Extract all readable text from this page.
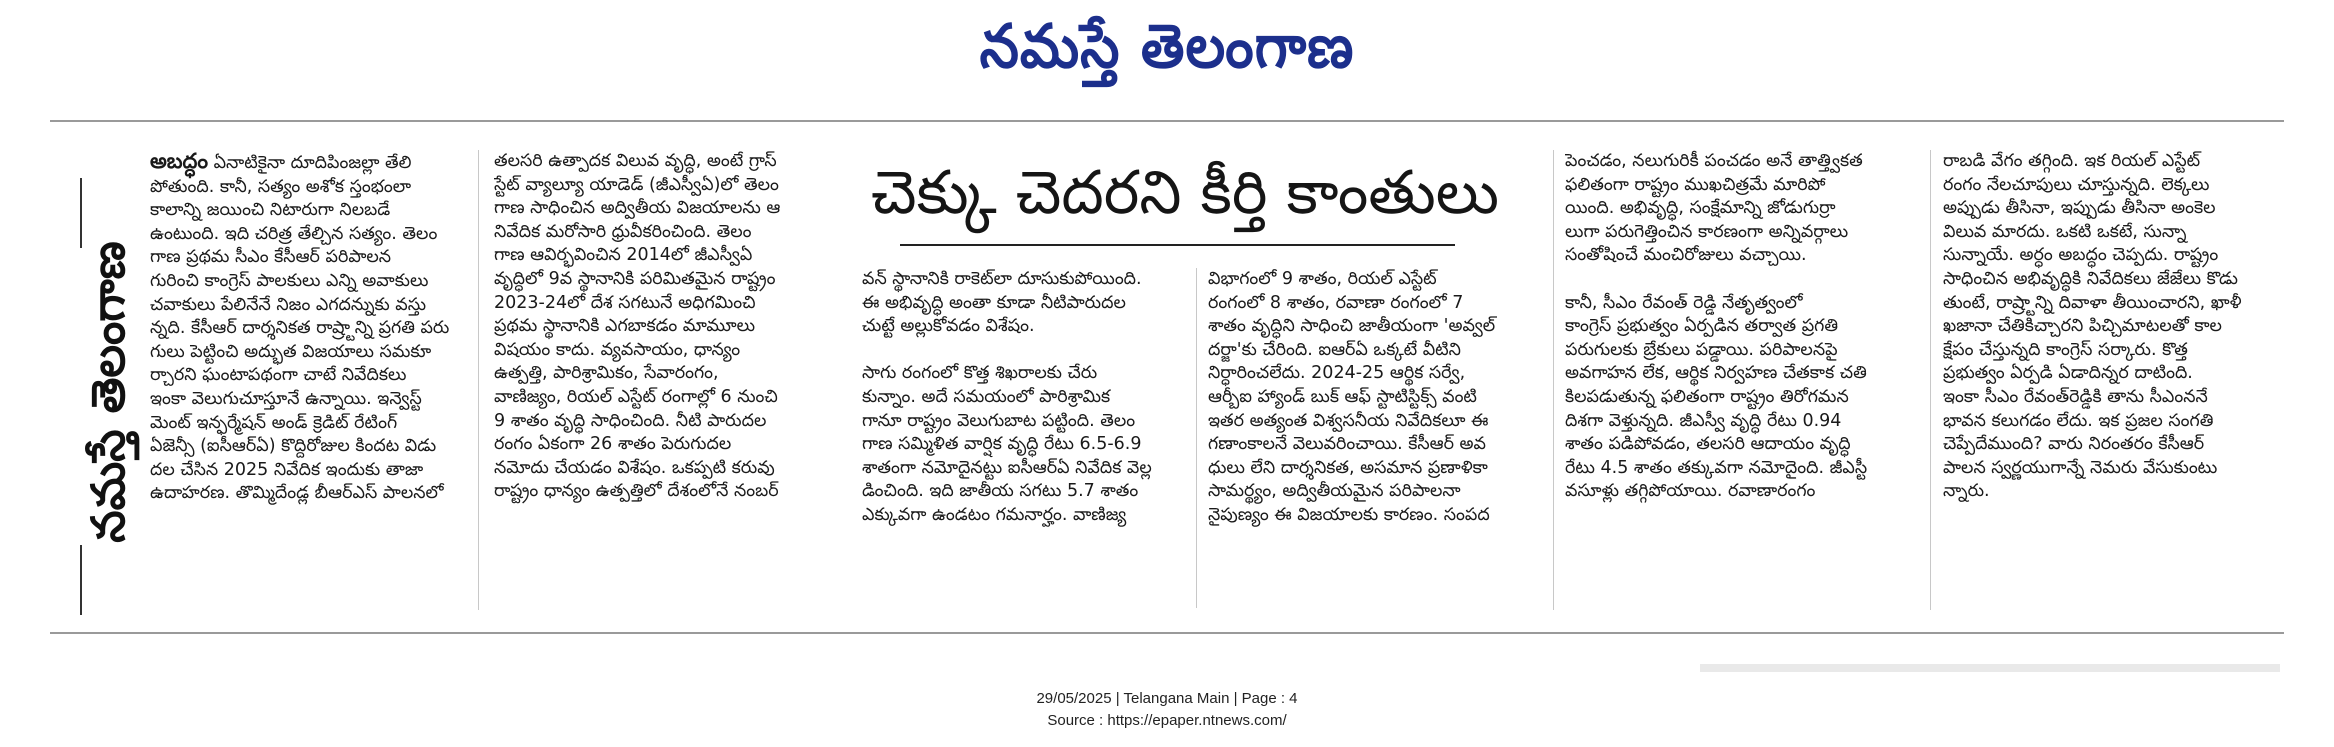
నమస్తే తెలంగాణ
నమస్తే తెలంగాణ
అబద్ధం ఏనాటికైనా దూదిపింజల్లా తేలి
పోతుంది. కానీ, సత్యం అశోక స్తంభంలా
కాలాన్ని జయించి నిటారుగా నిలబడే
ఉంటుంది. ఇది చరిత్ర తేల్చిన సత్యం. తెలం
గాణ ప్రథమ సీఎం కేసీఆర్ పరిపాలన
గురించి కాంగ్రెస్ పాలకులు ఎన్ని అవాకులు
చవాకులు పేలినేనే నిజం ఎగదన్నుకు వస్తు
న్నది. కేసీఆర్ దార్శనికత రాష్ర్టాన్ని ప్రగతి పరు
గులు పెట్టించి అద్భుత విజయాలు సమకూ
ర్చారని ఘంటాపథంగా చాటే నివేదికలు
ఇంకా వెలుగుచూస్తూనే ఉన్నాయి. ఇన్వెస్ట్
మెంట్ ఇన్ఫర్మేషన్ అండ్ క్రెడిట్ రేటింగ్
ఏజెన్సీ (ఐసీఆర్ఏ) కొద్దిరోజుల కిందట విడు
దల చేసిన 2025 నివేదిక ఇందుకు తాజా
ఉదాహరణ. తొమ్మిదేండ్ల బీఆర్ఎస్ పాలనలో
తలసరి ఉత్పాదక విలువ వృద్ధి, అంటే గ్రాస్
స్టేట్ వ్యాల్యూ యాడెడ్ (జీఎస్వీఏ)లో తెలం
గాణ సాధించిన అద్వితీయ విజయాలను ఆ
నివేదిక మరోసారి ధ్రువీకరించింది. తెలం
గాణ ఆవిర్భవించిన 2014లో జీఎస్వీఏ
వృద్ధిలో 9వ స్థానానికి పరిమితమైన రాష్ట్రం
2023-24లో దేశ సగటునే అధిగమించి
ప్రథమ స్థానానికి ఎగబాకడం మామూలు
విషయం కాదు. వ్యవసాయం, ధాన్యం
ఉత్పత్తి, పారిశ్రామికం, సేవారంగం,
వాణిజ్యం, రియల్ ఎస్టేట్ రంగాల్లో 6 నుంచి
9 శాతం వృద్ధి సాధించింది. నీటి పారుదల
రంగం ఏకంగా 26 శాతం పెరుగుదల
నమోదు చేయడం విశేషం. ఒకప్పటి కరువు
రాష్ట్రం ధాన్యం ఉత్పత్తిలో దేశంలోనే నంబర్
చెక్కు చెదరని కీర్తి కాంతులు
వన్ స్థానానికి రాకెట్‌లా దూసుకుపోయింది.
ఈ అభివృద్ధి అంతా కూడా నీటిపారుదల
చుట్టే అల్లుకోవడం విశేషం.

సాగు రంగంలో కొత్త శిఖరాలకు చేరు
కున్నాం. అదే సమయంలో పారిశ్రామిక
గానూ రాష్ట్రం వెలుగుబాట పట్టింది. తెలం
గాణ సమ్మిళిత వార్షిక వృద్ధి రేటు 6.5-6.9
శాతంగా నమోదైనట్టు ఐసీఆర్ఏ నివేదిక వెల్ల
డించింది. ఇది జాతీయ సగటు 5.7 శాతం
ఎక్కువగా ఉండటం గమనార్హం. వాణిజ్య
విభాగంలో 9 శాతం, రియల్ ఎస్టేట్
రంగంలో 8 శాతం, రవాణా రంగంలో 7
శాతం వృద్ధిని సాధించి జాతీయంగా 'అవ్వల్
దర్జా'కు చేరింది. ఐఆర్ఏ ఒక్కటే వీటిని
నిర్ధారించలేదు. 2024-25 ఆర్థిక సర్వే,
ఆర్బీఐ హ్యాండ్ బుక్ ఆఫ్ స్టాటిస్టిక్స్ వంటి
ఇతర అత్యంత విశ్వసనీయ నివేదికలూ ఈ
గణాంకాలనే వెలువరించాయి. కేసీఆర్ అవ
ధులు లేని దార్శనికత, అసమాన ప్రణాళికా
సామర్థ్యం, అద్వితీయమైన పరిపాలనా
నైపుణ్యం ఈ విజయాలకు కారణం. సంపద
పెంచడం, నలుగురికీ పంచడం అనే తాత్త్వికత
ఫలితంగా రాష్ట్రం ముఖచిత్రమే మారిపో
యింది. అభివృద్ధి, సంక్షేమాన్ని జోడుగుర్రా
లుగా పరుగెత్తించిన కారణంగా అన్నివర్గాలు
సంతోషించే మంచిరోజులు వచ్చాయి.

కానీ, సీఎం రేవంత్ రెడ్డి నేతృత్వంలో
కాంగ్రెస్ ప్రభుత్వం ఏర్పడిన తర్వాత ప్రగతి
పరుగులకు బ్రేకులు పడ్డాయి. పరిపాలనపై
అవగాహన లేక, ఆర్థిక నిర్వహణ చేతకాక చతి
కిలపడుతున్న ఫలితంగా రాష్ట్రం తిరోగమన
దిశగా వెళ్తున్నది. జీఎస్వీ వృద్ధి రేటు 0.94
శాతం పడిపోవడం, తలసరి ఆదాయం వృద్ధి
రేటు 4.5 శాతం తక్కువగా నమోదైంది. జీఎస్టీ
వసూళ్లు తగ్గిపోయాయి. రవాణారంగం
రాబడి వేగం తగ్గింది. ఇక రియల్ ఎస్టేట్
రంగం నేలచూపులు చూస్తున్నది. లెక్కలు
అప్పుడు తీసినా, ఇప్పుడు తీసినా అంకెల
విలువ మారదు. ఒకటి ఒకటే, సున్నా
సున్నాయే. అర్ధం అబద్ధం చెప్పదు. రాష్ట్రం
సాధించిన అభివృద్ధికి నివేదికలు జేజేలు కొడు
తుంటే, రాష్ర్టాన్ని దివాళా తీయించారని, ఖాళీ
ఖజానా చేతికిచ్చారని పిచ్చిమాటలతో కాల
క్షేపం చేస్తున్నది కాంగ్రెస్ సర్కారు. కొత్త
ప్రభుత్వం ఏర్పడి ఏడాదిన్నర దాటింది.
ఇంకా సీఎం రేవంత్‌రెడ్డికి తాను సీఎంననే
భావన కలుగడం లేదు. ఇక ప్రజల సంగతి
చెప్పేదేముంది? వారు నిరంతరం కేసీఆర్
పాలన స్వర్ణయుగాన్నే నెమరు వేసుకుంటు
న్నారు.
29/05/2025 | Telangana Main | Page : 4
Source : https://epaper.ntnews.com/
